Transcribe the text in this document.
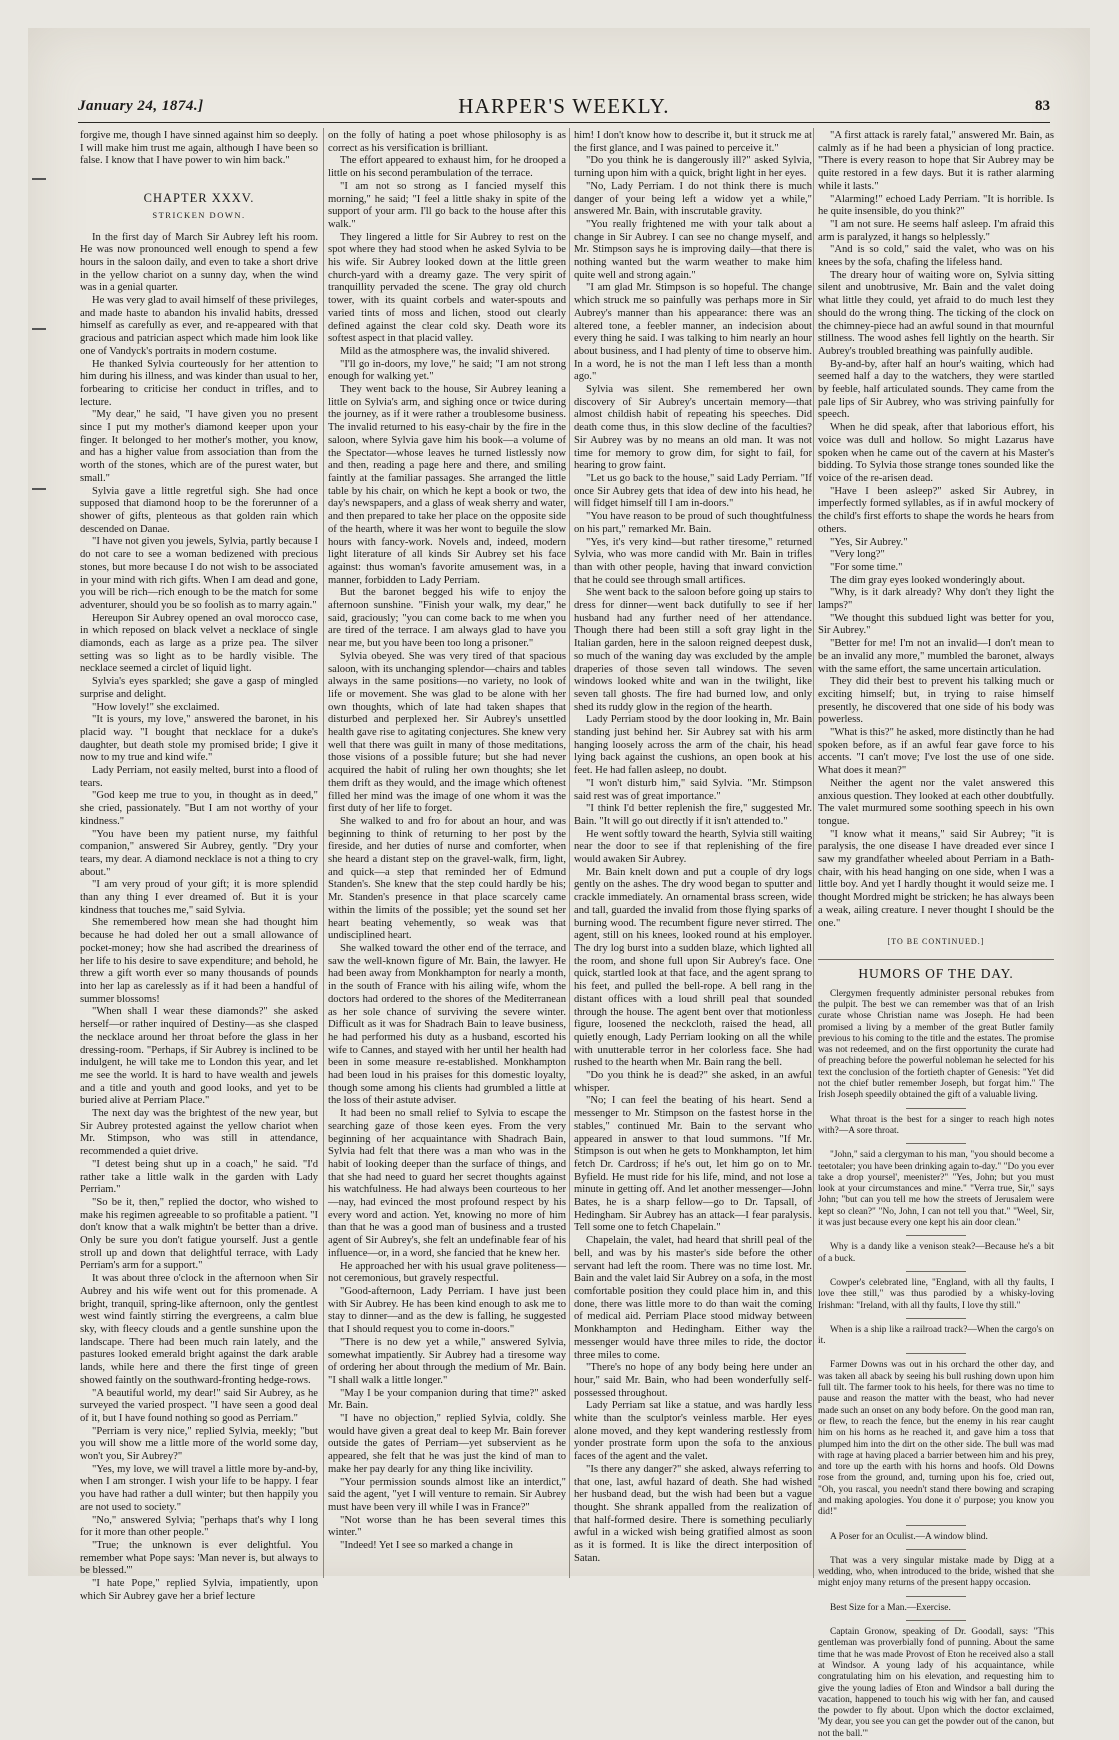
January 24, 1874.]	HARPER'S WEEKLY.	83

forgive me, though I have sinned against him so deeply. I will make him trust me again, although I have been so false. I know that I have power to win him back."

CHAPTER XXXV.
STRICKEN DOWN.

In the first day of March Sir Aubrey left his room. He was now pronounced well enough to spend a few hours in the saloon daily, and even to take a short drive in the yellow chariot on a sunny day, when the wind was in a genial quarter.

He was very glad to avail himself of these privileges, and made haste to abandon his invalid habits, dressed himself as carefully as ever, and re-appeared with that gracious and patrician aspect which made him look like one of Vandyck's portraits in modern costume.

He thanked Sylvia courteously for her attention to him during his illness, and was kinder than usual to her, forbearing to criticise her conduct in trifles, and to lecture.

"My dear," he said, "I have given you no present since I put my mother's diamond keeper upon your finger. It belonged to her mother's mother, you know, and has a higher value from association than from the worth of the stones, which are of the purest water, but small."

Sylvia gave a little regretful sigh. She had once supposed that diamond hoop to be the forerunner of a shower of gifts, plenteous as that golden rain which descended on Danae.

"I have not given you jewels, Sylvia, partly because I do not care to see a woman bedizened with precious stones, but more because I do not wish to be associated in your mind with rich gifts. When I am dead and gone, you will be rich—rich enough to be the match for some adventurer, should you be so foolish as to marry again."

Hereupon Sir Aubrey opened an oval morocco case, in which reposed on black velvet a necklace of single diamonds, each as large as a prize pea. The silver setting was so light as to be hardly visible. The necklace seemed a circlet of liquid light.

Sylvia's eyes sparkled; she gave a gasp of mingled surprise and delight.

"How lovely!" she exclaimed.

"It is yours, my love," answered the baronet, in his placid way. "I bought that necklace for a duke's daughter, but death stole my promised bride; I give it now to my true and kind wife."

Lady Perriam, not easily melted, burst into a flood of tears.

"God keep me true to you, in thought as in deed," she cried, passionately. "But I am not worthy of your kindness."

"You have been my patient nurse, my faithful companion," answered Sir Aubrey, gently. "Dry your tears, my dear. A diamond necklace is not a thing to cry about."

"I am very proud of your gift; it is more splendid than any thing I ever dreamed of. But it is your kindness that touches me," said Sylvia.

She remembered how mean she had thought him because he had doled her out a small allowance of pocket-money; how she had ascribed the dreariness of her life to his desire to save expenditure; and behold, he threw a gift worth ever so many thousands of pounds into her lap as carelessly as if it had been a handful of summer blossoms!

"When shall I wear these diamonds?" she asked herself—or rather inquired of Destiny—as she clasped the necklace around her throat before the glass in her dressing-room. "Perhaps, if Sir Aubrey is inclined to be indulgent, he will take me to London this year, and let me see the world. It is hard to have wealth and jewels and a title and youth and good looks, and yet to be buried alive at Perriam Place."

The next day was the brightest of the new year, but Sir Aubrey protested against the yellow chariot when Mr. Stimpson, who was still in attendance, recommended a quiet drive.

"I detest being shut up in a coach," he said. "I'd rather take a little walk in the garden with Lady Perriam."

"So be it, then," replied the doctor, who wished to make his regimen agreeable to so profitable a patient. "I don't know that a walk mightn't be better than a drive. Only be sure you don't fatigue yourself. Just a gentle stroll up and down that delightful terrace, with Lady Perriam's arm for a support."

It was about three o'clock in the afternoon when Sir Aubrey and his wife went out for this promenade. A bright, tranquil, spring-like afternoon, only the gentlest west wind faintly stirring the evergreens, a calm blue sky, with fleecy clouds and a gentle sunshine upon the landscape. There had been much rain lately, and the pastures looked emerald bright against the dark arable lands, while here and there the first tinge of green showed faintly on the southward-fronting hedge-rows.

"A beautiful world, my dear!" said Sir Aubrey, as he surveyed the varied prospect. "I have seen a good deal of it, but I have found nothing so good as Perriam."

"Perriam is very nice," replied Sylvia, meekly; "but you will show me a little more of the world some day, won't you, Sir Aubrey?"

"Yes, my love, we will travel a little more by-and-by, when I am stronger. I wish your life to be happy. I fear you have had rather a dull winter; but then happily you are not used to society."

"No," answered Sylvia; "perhaps that's why I long for it more than other people."

"True; the unknown is ever delightful. You remember what Pope says: 'Man never is, but always to be blessed.'"

"I hate Pope," replied Sylvia, impatiently, upon which Sir Aubrey gave her a brief lecture

on the folly of hating a poet whose philosophy is as correct as his versification is brilliant.

The effort appeared to exhaust him, for he drooped a little on his second perambulation of the terrace.

"I am not so strong as I fancied myself this morning," he said; "I feel a little shaky in spite of the support of your arm. I'll go back to the house after this walk."

They lingered a little for Sir Aubrey to rest on the spot where they had stood when he asked Sylvia to be his wife. Sir Aubrey looked down at the little green church-yard with a dreamy gaze. The very spirit of tranquillity pervaded the scene. The gray old church tower, with its quaint corbels and water-spouts and varied tints of moss and lichen, stood out clearly defined against the clear cold sky. Death wore its softest aspect in that placid valley.

Mild as the atmosphere was, the invalid shivered.

"I'll go in-doors, my love," he said; "I am not strong enough for walking yet."

They went back to the house, Sir Aubrey leaning a little on Sylvia's arm, and sighing once or twice during the journey, as if it were rather a troublesome business. The invalid returned to his easy-chair by the fire in the saloon, where Sylvia gave him his book—a volume of the Spectator—whose leaves he turned listlessly now and then, reading a page here and there, and smiling faintly at the familiar passages. She arranged the little table by his chair, on which he kept a book or two, the day's newspapers, and a glass of weak sherry and water, and then prepared to take her place on the opposite side of the hearth, where it was her wont to beguile the slow hours with fancy-work. Novels and, indeed, modern light literature of all kinds Sir Aubrey set his face against: thus woman's favorite amusement was, in a manner, forbidden to Lady Perriam.

But the baronet begged his wife to enjoy the afternoon sunshine. "Finish your walk, my dear," he said, graciously; "you can come back to me when you are tired of the terrace. I am always glad to have you near me, but you have been too long a prisoner."

Sylvia obeyed. She was very tired of that spacious saloon, with its unchanging splendor—chairs and tables always in the same positions—no variety, no look of life or movement. She was glad to be alone with her own thoughts, which of late had taken shapes that disturbed and perplexed her. Sir Aubrey's unsettled health gave rise to agitating conjectures. She knew very well that there was guilt in many of those meditations, those visions of a possible future; but she had never acquired the habit of ruling her own thoughts; she let them drift as they would, and the image which oftenest filled her mind was the image of one whom it was the first duty of her life to forget.

She walked to and fro for about an hour, and was beginning to think of returning to her post by the fireside, and her duties of nurse and comforter, when she heard a distant step on the gravel-walk, firm, light, and quick—a step that reminded her of Edmund Standen's. She knew that the step could hardly be his; Mr. Standen's presence in that place scarcely came within the limits of the possible; yet the sound set her heart beating vehemently, so weak was that undisciplined heart.

She walked toward the other end of the terrace, and saw the well-known figure of Mr. Bain, the lawyer. He had been away from Monkhampton for nearly a month, in the south of France with his ailing wife, whom the doctors had ordered to the shores of the Mediterranean as her sole chance of surviving the severe winter. Difficult as it was for Shadrach Bain to leave business, he had performed his duty as a husband, escorted his wife to Cannes, and stayed with her until her health had been in some measure re-established. Monkhampton had been loud in his praises for this domestic loyalty, though some among his clients had grumbled a little at the loss of their astute adviser.

It had been no small relief to Sylvia to escape the searching gaze of those keen eyes. From the very beginning of her acquaintance with Shadrach Bain, Sylvia had felt that there was a man who was in the habit of looking deeper than the surface of things, and that she had need to guard her secret thoughts against his watchfulness. He had always been courteous to her—nay, had evinced the most profound respect by his every word and action. Yet, knowing no more of him than that he was a good man of business and a trusted agent of Sir Aubrey's, she felt an undefinable fear of his influence—or, in a word, she fancied that he knew her.

He approached her with his usual grave politeness—not ceremonious, but gravely respectful.

"Good-afternoon, Lady Perriam. I have just been with Sir Aubrey. He has been kind enough to ask me to stay to dinner—and as the dew is falling, he suggested that I should request you to come in-doors."

"There is no dew yet a while," answered Sylvia, somewhat impatiently. Sir Aubrey had a tiresome way of ordering her about through the medium of Mr. Bain. "I shall walk a little longer."

"May I be your companion during that time?" asked Mr. Bain.

"I have no objection," replied Sylvia, coldly. She would have given a great deal to keep Mr. Bain forever outside the gates of Perriam—yet subservient as he appeared, she felt that he was just the kind of man to make her pay dearly for any thing like incivility.

"Your permission sounds almost like an interdict," said the agent, "yet I will venture to remain. Sir Aubrey must have been very ill while I was in France?"

"Not worse than he has been several times this winter."

"Indeed! Yet I see so marked a change in

him! I don't know how to describe it, but it struck me at the first glance, and I was pained to perceive it."

"Do you think he is dangerously ill?" asked Sylvia, turning upon him with a quick, bright light in her eyes.

"No, Lady Perriam. I do not think there is much danger of your being left a widow yet a while," answered Mr. Bain, with inscrutable gravity.

"You really frightened me with your talk about a change in Sir Aubrey. I can see no change myself, and Mr. Stimpson says he is improving daily—that there is nothing wanted but the warm weather to make him quite well and strong again."

"I am glad Mr. Stimpson is so hopeful. The change which struck me so painfully was perhaps more in Sir Aubrey's manner than his appearance: there was an altered tone, a feebler manner, an indecision about every thing he said. I was talking to him nearly an hour about business, and I had plenty of time to observe him. In a word, he is not the man I left less than a month ago."

Sylvia was silent. She remembered her own discovery of Sir Aubrey's uncertain memory—that almost childish habit of repeating his speeches. Did death come thus, in this slow decline of the faculties? Sir Aubrey was by no means an old man. It was not time for memory to grow dim, for sight to fail, for hearing to grow faint.

"Let us go back to the house," said Lady Perriam. "If once Sir Aubrey gets that idea of dew into his head, he will fidget himself till I am in-doors."

"You have reason to be proud of such thoughtfulness on his part," remarked Mr. Bain.

"Yes, it's very kind—but rather tiresome," returned Sylvia, who was more candid with Mr. Bain in trifles than with other people, having that inward conviction that he could see through small artifices.

She went back to the saloon before going up stairs to dress for dinner—went back dutifully to see if her husband had any further need of her attendance. Though there had been still a soft gray light in the Italian garden, here in the saloon reigned deepest dusk, so much of the waning day was excluded by the ample draperies of those seven tall windows. The seven windows looked white and wan in the twilight, like seven tall ghosts. The fire had burned low, and only shed its ruddy glow in the region of the hearth.

Lady Perriam stood by the door looking in, Mr. Bain standing just behind her. Sir Aubrey sat with his arm hanging loosely across the arm of the chair, his head lying back against the cushions, an open book at his feet. He had fallen asleep, no doubt.

"I won't disturb him," said Sylvia. "Mr. Stimpson said rest was of great importance."

"I think I'd better replenish the fire," suggested Mr. Bain. "It will go out directly if it isn't attended to."

He went softly toward the hearth, Sylvia still waiting near the door to see if that replenishing of the fire would awaken Sir Aubrey.

Mr. Bain knelt down and put a couple of dry logs gently on the ashes. The dry wood began to sputter and crackle immediately. An ornamental brass screen, wide and tall, guarded the invalid from those flying sparks of burning wood. The recumbent figure never stirred. The agent, still on his knees, looked round at his employer. The dry log burst into a sudden blaze, which lighted all the room, and shone full upon Sir Aubrey's face. One quick, startled look at that face, and the agent sprang to his feet, and pulled the bell-rope. A bell rang in the distant offices with a loud shrill peal that sounded through the house. The agent bent over that motionless figure, loosened the neckcloth, raised the head, all quietly enough, Lady Perriam looking on all the while with unutterable terror in her colorless face. She had rushed to the hearth when Mr. Bain rang the bell.

"Do you think he is dead?" she asked, in an awful whisper.

"No; I can feel the beating of his heart. Send a messenger to Mr. Stimpson on the fastest horse in the stables," continued Mr. Bain to the servant who appeared in answer to that loud summons. "If Mr. Stimpson is out when he gets to Monkhampton, let him fetch Dr. Cardross; if he's out, let him go on to Mr. Byfield. He must ride for his life, mind, and not lose a minute in getting off. And let another messenger—John Bates, he is a sharp fellow—go to Dr. Tapsall, of Hedingham. Sir Aubrey has an attack—I fear paralysis. Tell some one to fetch Chapelain."

Chapelain, the valet, had heard that shrill peal of the bell, and was by his master's side before the other servant had left the room. There was no time lost. Mr. Bain and the valet laid Sir Aubrey on a sofa, in the most comfortable position they could place him in, and this done, there was little more to do than wait the coming of medical aid. Perriam Place stood midway between Monkhampton and Hedingham. Either way the messenger would have three miles to ride, the doctor three miles to come.

"There's no hope of any body being here under an hour," said Mr. Bain, who had been wonderfully self-possessed throughout.

Lady Perriam sat like a statue, and was hardly less white than the sculptor's veinless marble. Her eyes alone moved, and they kept wandering restlessly from yonder prostrate form upon the sofa to the anxious faces of the agent and the valet.

"Is there any danger?" she asked, always referring to that one, last, awful hazard of death. She had wished her husband dead, but the wish had been but a vague thought. She shrank appalled from the realization of that half-formed desire. There is something peculiarly awful in a wicked wish being gratified almost as soon as it is formed. It is like the direct interposition of Satan.

"A first attack is rarely fatal," answered Mr. Bain, as calmly as if he had been a physician of long practice. "There is every reason to hope that Sir Aubrey may be quite restored in a few days. But it is rather alarming while it lasts."

"Alarming!" echoed Lady Perriam. "It is horrible. Is he quite insensible, do you think?"

"I am not sure. He seems half asleep. I'm afraid this arm is paralyzed, it hangs so helplessly."

"And is so cold," said the valet, who was on his knees by the sofa, chafing the lifeless hand.

The dreary hour of waiting wore on, Sylvia sitting silent and unobtrusive, Mr. Bain and the valet doing what little they could, yet afraid to do much lest they should do the wrong thing. The ticking of the clock on the chimney-piece had an awful sound in that mournful stillness. The wood ashes fell lightly on the hearth. Sir Aubrey's troubled breathing was painfully audible.

By-and-by, after half an hour's waiting, which had seemed half a day to the watchers, they were startled by feeble, half articulated sounds. They came from the pale lips of Sir Aubrey, who was striving painfully for speech.

When he did speak, after that laborious effort, his voice was dull and hollow. So might Lazarus have spoken when he came out of the cavern at his Master's bidding. To Sylvia those strange tones sounded like the voice of the re-arisen dead.

"Have I been asleep?" asked Sir Aubrey, in imperfectly formed syllables, as if in awful mockery of the child's first efforts to shape the words he hears from others.

"Yes, Sir Aubrey."

"Very long?"

"For some time."

The dim gray eyes looked wonderingly about.

"Why, is it dark already? Why don't they light the lamps?"

"We thought this subdued light was better for you, Sir Aubrey."

"Better for me! I'm not an invalid—I don't mean to be an invalid any more," mumbled the baronet, always with the same effort, the same uncertain articulation.

They did their best to prevent his talking much or exciting himself; but, in trying to raise himself presently, he discovered that one side of his body was powerless.

"What is this?" he asked, more distinctly than he had spoken before, as if an awful fear gave force to his accents. "I can't move; I've lost the use of one side. What does it mean?"

Neither the agent nor the valet answered this anxious question. They looked at each other doubtfully. The valet murmured some soothing speech in his own tongue.

"I know what it means," said Sir Aubrey; "it is paralysis, the one disease I have dreaded ever since I saw my grandfather wheeled about Perriam in a Bath-chair, with his head hanging on one side, when I was a little boy. And yet I hardly thought it would seize me. I thought Mordred might be stricken; he has always been a weak, ailing creature. I never thought I should be the one."

[TO BE CONTINUED.]
HUMORS OF THE DAY.

Clergymen frequently administer personal rebukes from the pulpit. The best we can remember was that of an Irish curate whose Christian name was Joseph. He had been promised a living by a member of the great Butler family previous to his coming to the title and the estates. The promise was not redeemed, and on the first opportunity the curate had of preaching before the powerful nobleman he selected for his text the conclusion of the fortieth chapter of Genesis: "Yet did not the chief butler remember Joseph, but forgat him." The Irish Joseph speedily obtained the gift of a valuable living.

What throat is the best for a singer to reach high notes with?—A sore throat.

"John," said a clergyman to his man, "you should become a teetotaler; you have been drinking again to-day." "Do you ever take a drop yoursel', meenister?" "Yes, John; but you must look at your circumstances and mine." "Verra true, Sir," says John; "but can you tell me how the streets of Jerusalem were kept so clean?" "No, John, I can not tell you that." "Weel, Sir, it was just because every one kept his ain door clean."

Why is a dandy like a venison steak?—Because he's a bit of a buck.

Cowper's celebrated line, "England, with all thy faults, I love thee still," was thus parodied by a whisky-loving Irishman: "Ireland, with all thy faults, I love thy still."

When is a ship like a railroad track?—When the cargo's on it.

Farmer Downs was out in his orchard the other day, and was taken all aback by seeing his bull rushing down upon him full tilt. The farmer took to his heels, for there was no time to pause and reason the matter with the beast, who had never made such an onset on any body before. On the good man ran, or flew, to reach the fence, but the enemy in his rear caught him on his horns as he reached it, and gave him a toss that plumped him into the dirt on the other side. The bull was mad with rage at having placed a barrier between him and his prey, and tore up the earth with his horns and hoofs. Old Downs rose from the ground, and, turning upon his foe, cried out, "Oh, you rascal, you needn't stand there bowing and scraping and making apologies. You done it o' purpose; you know you did!"

A Poser for an Oculist.—A window blind.

That was a very singular mistake made by Digg at a wedding, who, when introduced to the bride, wished that she might enjoy many returns of the present happy occasion.

Best Size for a Man.—Exercise.

Captain Gronow, speaking of Dr. Goodall, says: "This gentleman was proverbially fond of punning. About the same time that he was made Provost of Eton he received also a stall at Windsor. A young lady of his acquaintance, while congratulating him on his elevation, and requesting him to give the young ladies of Eton and Windsor a ball during the vacation, happened to touch his wig with her fan, and caused the powder to fly about. Upon which the doctor exclaimed, 'My dear, you see you can get the powder out of the canon, but not the ball.'"
